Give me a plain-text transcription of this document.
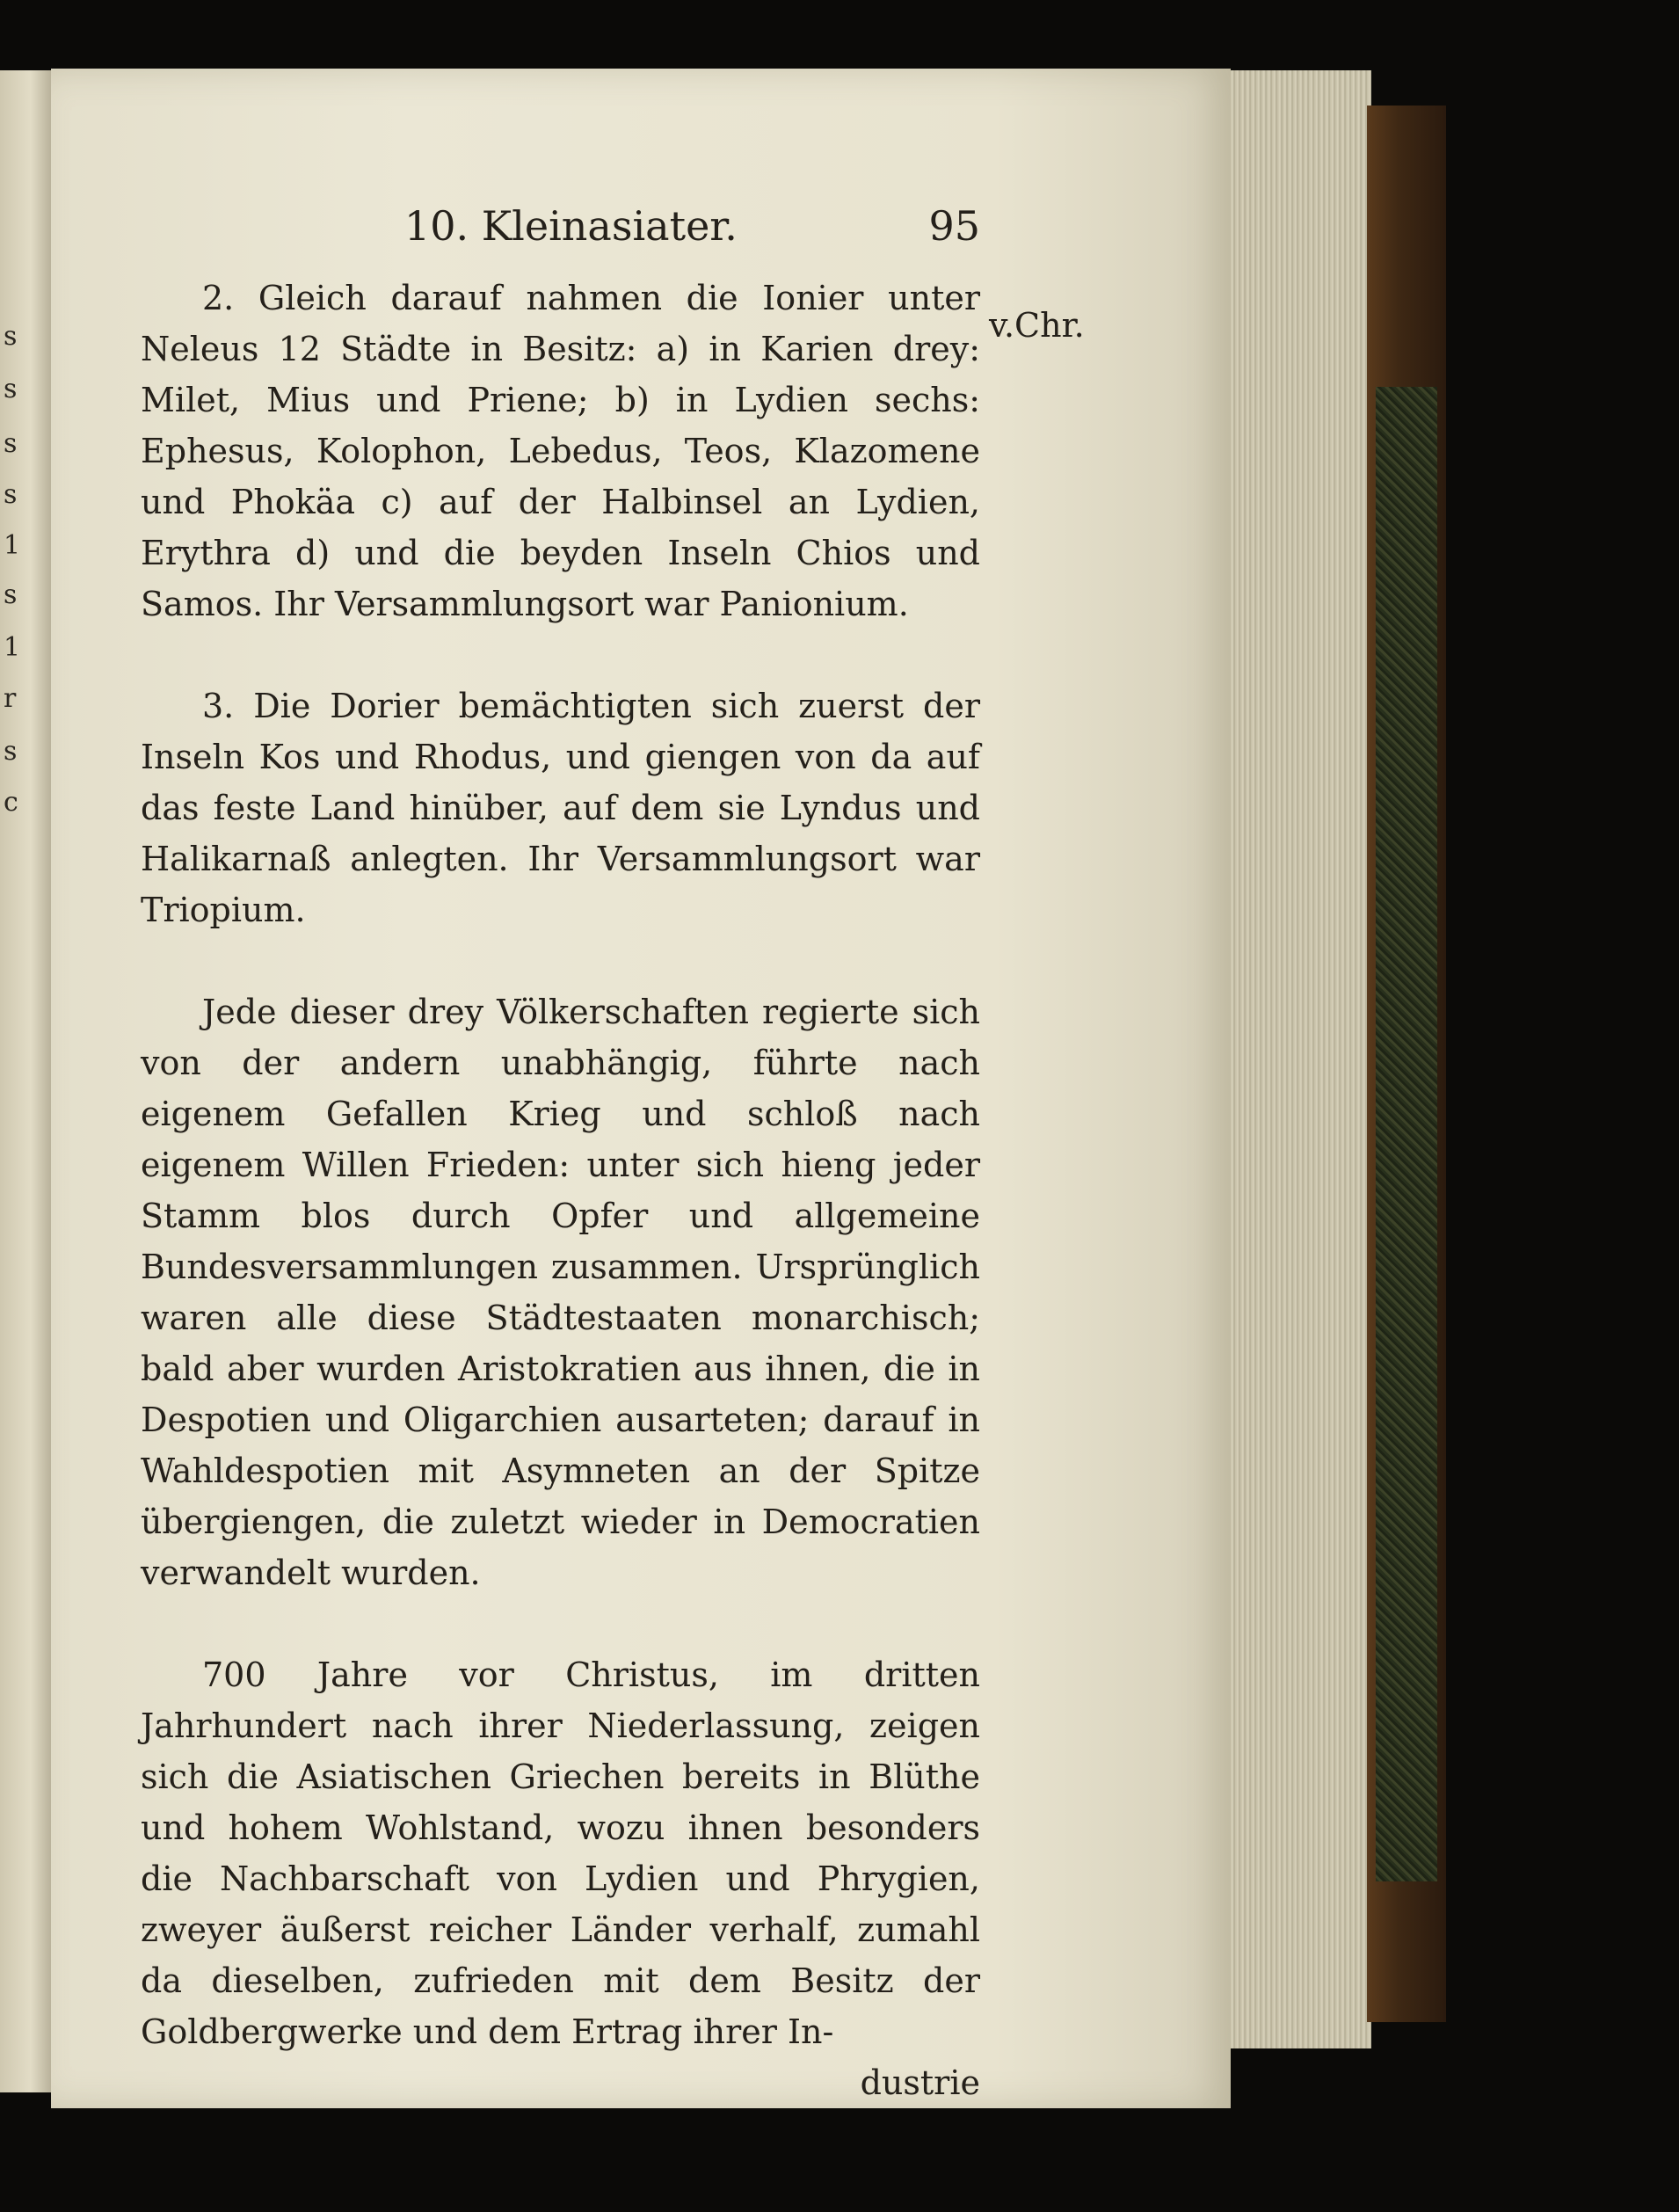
s
s
s
s
1
s
1
r
s
c
v.Chr.
10. Kleinasiater.	95

2. Gleich darauf nahmen die Ionier unter Neleus 12 Städte in Besitz: a) in Karien drey: Milet, Mius und Priene; b) in Lydien sechs: Ephesus, Kolophon, Lebedus, Teos, Klazomene und Phokäa c) auf der Halbinsel an Lydien, Erythra d) und die beyden Inseln Chios und Samos. Ihr Versammlungsort war Panionium.

3. Die Dorier bemächtigten sich zuerst der Inseln Kos und Rhodus, und giengen von da auf das feste Land hinüber, auf dem sie Lyndus und Halikarnaß anlegten. Ihr Versammlungsort war Triopium.

Jede dieser drey Völkerschaften regierte sich von der andern unabhängig, führte nach eigenem Gefallen Krieg und schloß nach eigenem Willen Frieden: unter sich hieng jeder Stamm blos durch Opfer und allgemeine Bundesversammlungen zusammen. Ursprünglich waren alle diese Städtestaaten monarchisch; bald aber wurden Aristokratien aus ihnen, die in Despotien und Oligarchien ausarteten; darauf in Wahldespotien mit Asymneten an der Spitze übergiengen, die zuletzt wieder in Democratien verwandelt wurden.

700 Jahre vor Christus, im dritten Jahrhundert nach ihrer Niederlassung, zeigen sich die Asiatischen Griechen bereits in Blüthe und hohem Wohlstand, wozu ihnen besonders die Nachbarschaft von Lydien und Phrygien, zweyer äußerst reicher Länder verhalf, zumahl da dieselben, zufrieden mit dem Besitz der Goldbergwerke und dem Ertrag ihrer In-

dustrie
